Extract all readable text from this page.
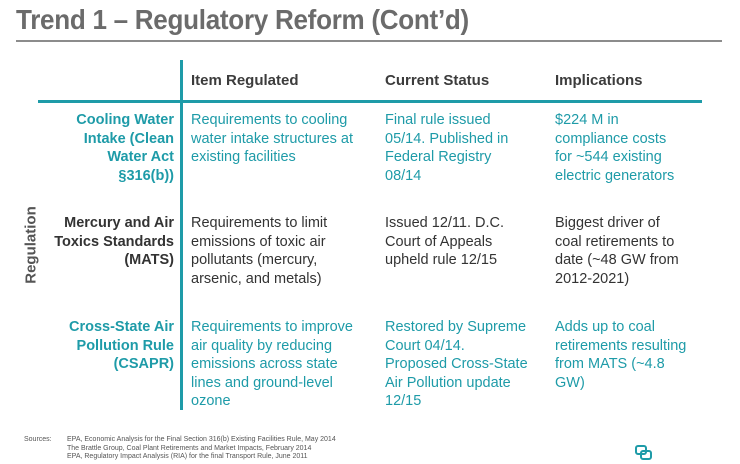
Trend 1 – Regulatory Reform (Cont’d)
Item Regulated	Current Status	Implications
Regulation
Cooling Water
Intake (Clean
Water Act
§316(b))
Requirements to cooling
water intake structures at
existing facilities
Final rule issued
05/14. Published in
Federal Registry
08/14
$224 M in
compliance costs
for ~544 existing
electric generators
Mercury and Air
Toxics Standards
(MATS)
Requirements to limit
emissions of toxic air
pollutants (mercury,
arsenic, and metals)
Issued 12/11. D.C.
Court of Appeals
upheld rule 12/15
Biggest driver of
coal retirements to
date (~48 GW from
2012-2021)
Cross-State Air
Pollution Rule
(CSAPR)
Requirements to improve
air quality by reducing
emissions across state
lines and ground-level
ozone
Restored by Supreme
Court 04/14.
Proposed Cross-State
Air Pollution update
12/15
Adds up to coal
retirements resulting
from MATS (~4.8
GW)
Sources: EPA, Economic Analysis for the Final Section 316(b) Existing Facilities Rule, May 2014
The Brattle Group, Coal Plant Retirements and Market Impacts, February 2014
EPA, Regulatory Impact Analysis (RIA) for the final Transport Rule, June 2011
